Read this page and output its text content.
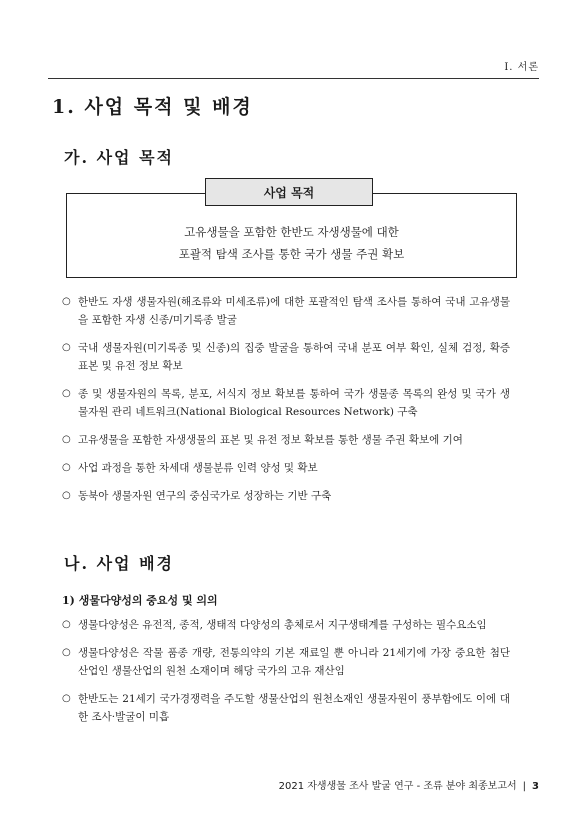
I. 서론
1. 사업 목적 및 배경
가. 사업 목적
사업 목적
고유생물을 포함한 한반도 자생생물에 대한
포괄적 탐색 조사를 통한 국가 생물 주권 확보
○ 한반도 자생 생물자원(해조류와 미세조류)에 대한 포괄적인 탐색 조사를 통하여 국내 고유생물을 포함한 자생 신종/미기록종 발굴
○ 국내 생물자원(미기록종 및 신종)의 집중 발굴을 통하여 국내 분포 여부 확인, 실체 검정, 확증 표본 및 유전 정보 확보
○ 종 및 생물자원의 목록, 분포, 서식지 정보 확보를 통하여 국가 생물종 목록의 완성 및 국가 생물자원 관리 네트워크(National Biological Resources Network) 구축
○ 고유생물을 포함한 자생생물의 표본 및 유전 정보 확보를 통한 생물 주권 확보에 기여
○ 사업 과정을 통한 차세대 생물분류 인력 양성 및 확보
○ 동북아 생물자원 연구의 중심국가로 성장하는 기반 구축
나. 사업 배경
1) 생물다양성의 중요성 및 의의
○ 생물다양성은 유전적, 종적, 생태적 다양성의 총체로서 지구생태계를 구성하는 필수요소임
○ 생물다양성은 작물 품종 개량, 전통의약의 기본 재료일 뿐 아니라 21세기에 가장 중요한 첨단산업인 생물산업의 원천 소재이며 해당 국가의 고유 재산임
○ 한반도는 21세기 국가경쟁력을 주도할 생물산업의 원천소재인 생물자원이 풍부함에도 이에 대한 조사·발굴이 미흡
2021 자생생물 조사 발굴 연구 - 조류 분야 최종보고서 | 3
